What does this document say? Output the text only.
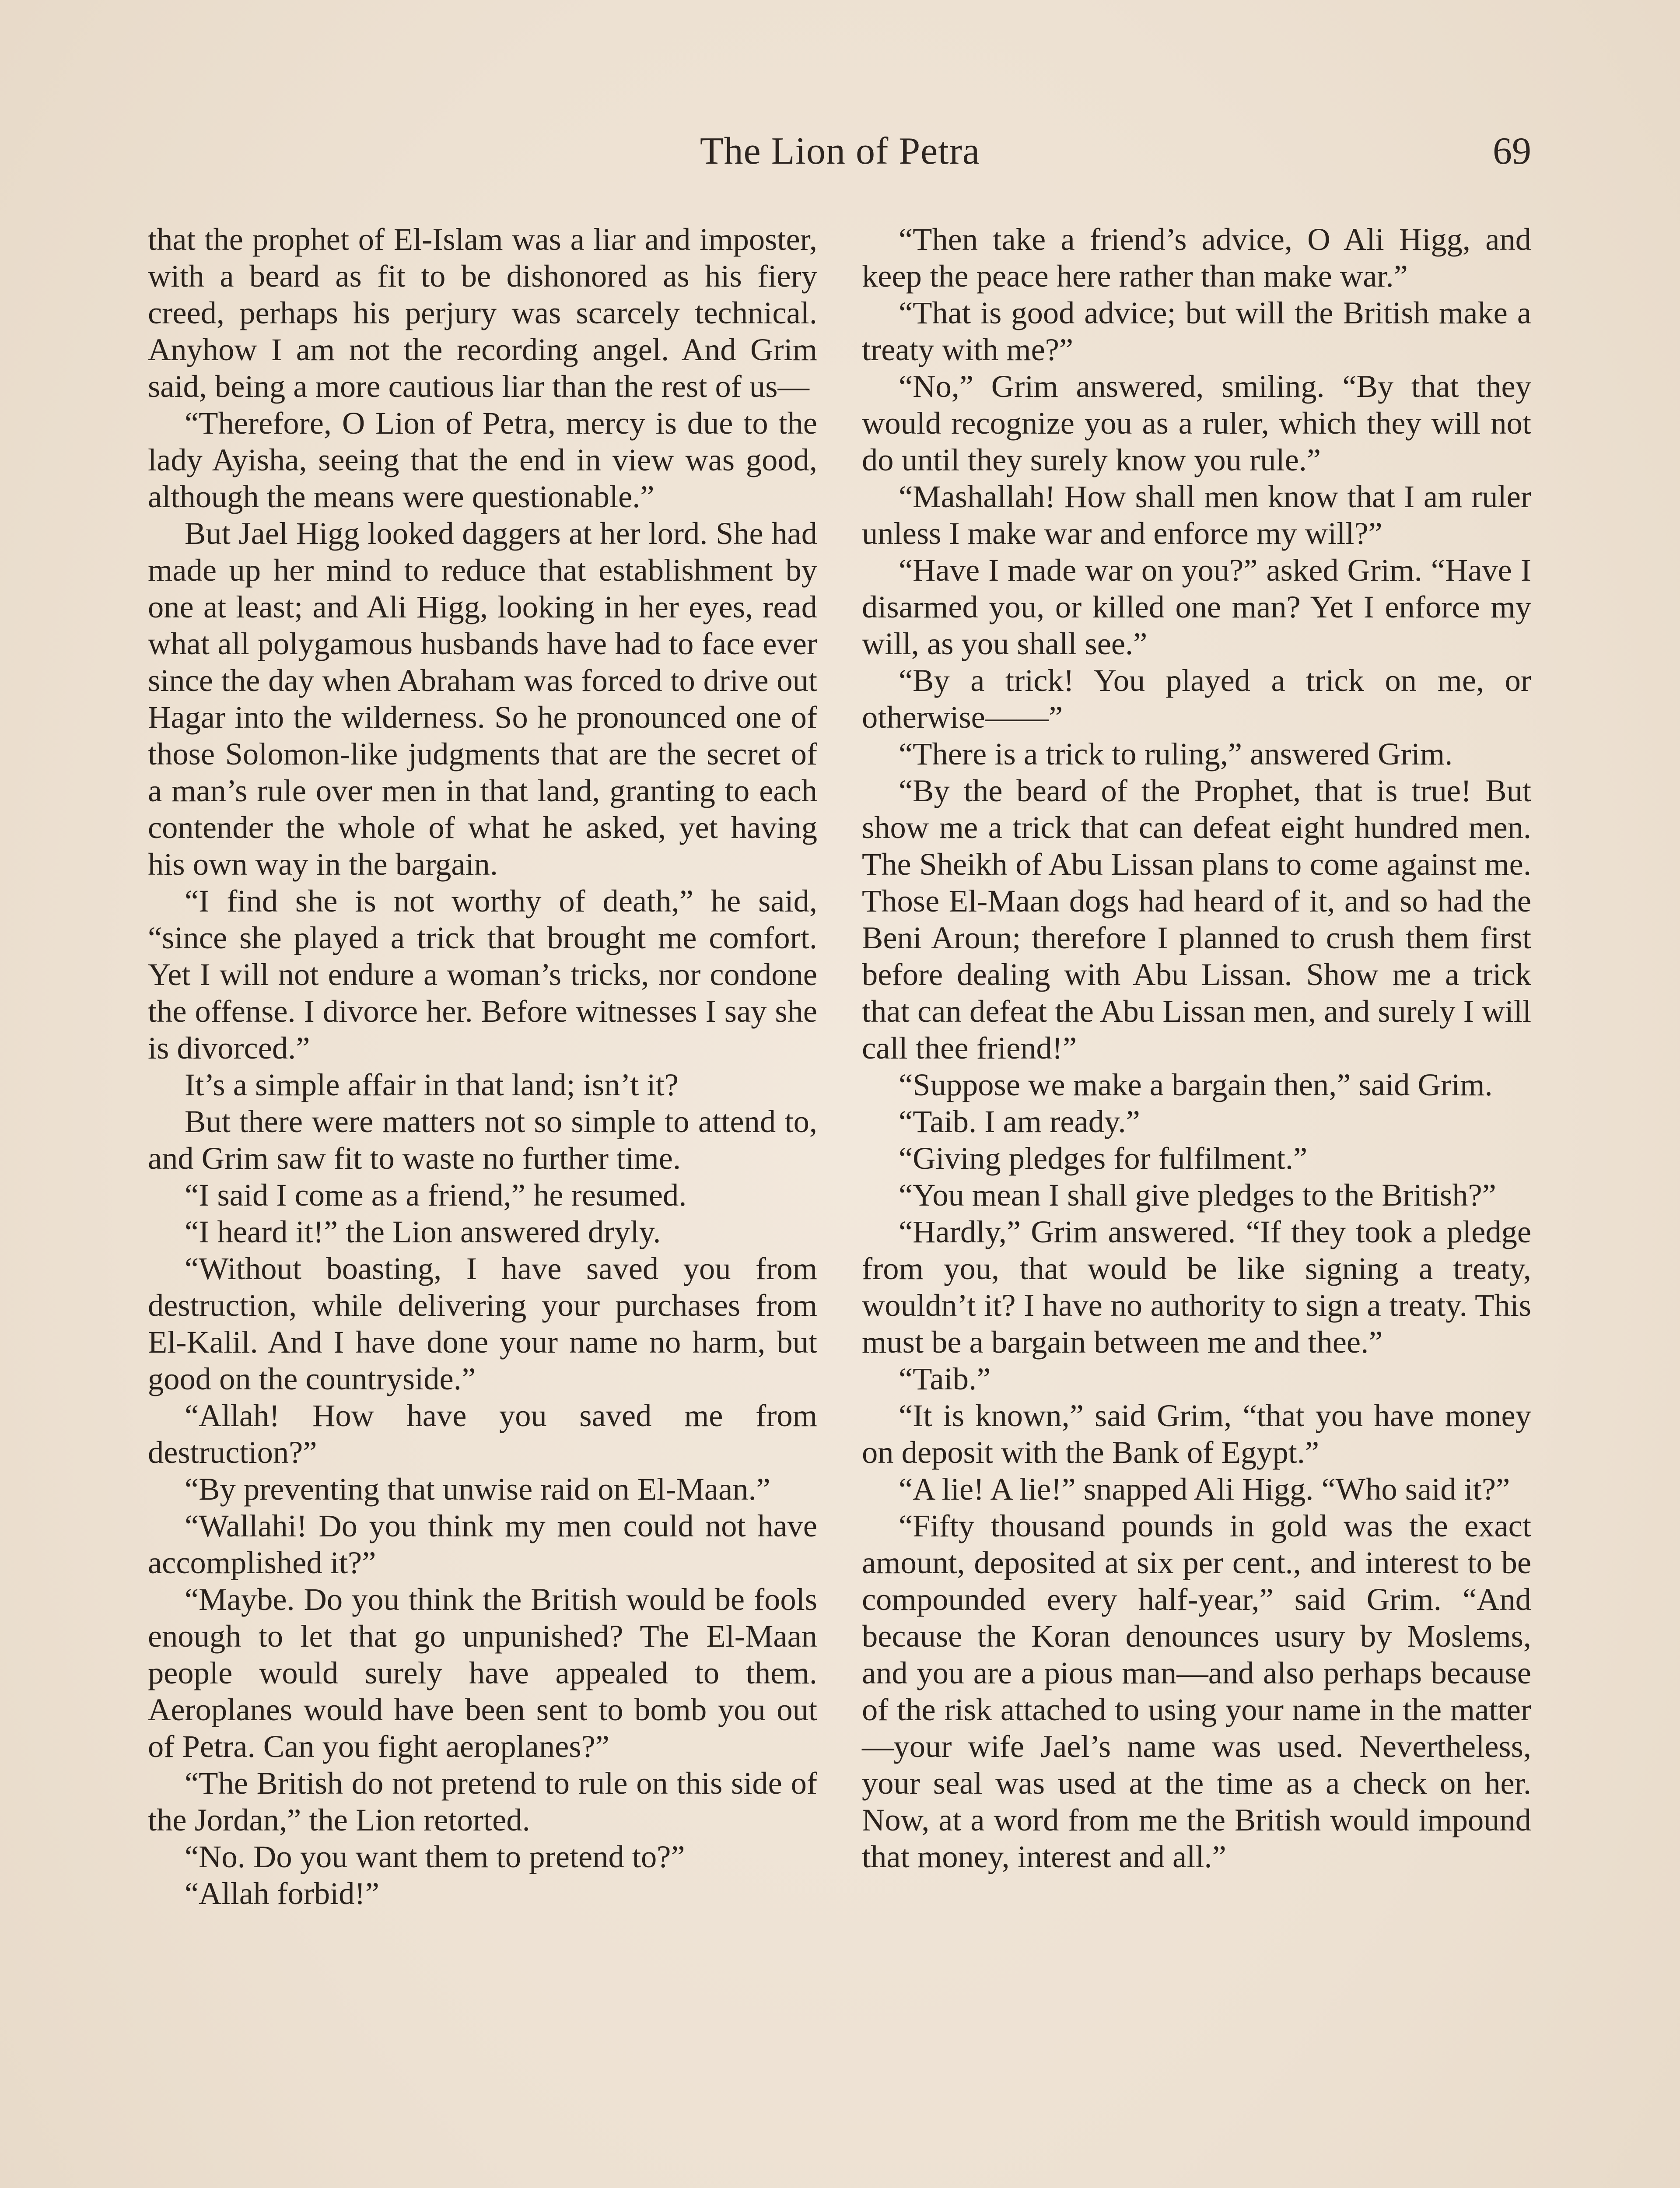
The Lion of Petra	69

that the prophet of El-Islam was a liar and imposter, with a beard as fit to be dishonored as his fiery creed, perhaps his perjury was scarcely technical. Anyhow I am not the recording angel. And Grim said, being a more cautious liar than the rest of us—

“Therefore, O Lion of Petra, mercy is due to the lady Ayisha, seeing that the end in view was good, although the means were questionable.”

But Jael Higg looked daggers at her lord. She had made up her mind to reduce that establishment by one at least; and Ali Higg, looking in her eyes, read what all polygamous husbands have had to face ever since the day when Abraham was forced to drive out Hagar into the wilderness. So he pronounced one of those Solomon-like judgments that are the secret of a man’s rule over men in that land, granting to each contender the whole of what he asked, yet having his own way in the bargain.

“I find she is not worthy of death,” he said, “since she played a trick that brought me comfort. Yet I will not endure a woman’s tricks, nor condone the offense. I divorce her. Before witnesses I say she is divorced.”

It’s a simple affair in that land; isn’t it?

But there were matters not so simple to attend to, and Grim saw fit to waste no further time.

“I said I come as a friend,” he resumed.

“I heard it!” the Lion answered dryly.

“Without boasting, I have saved you from destruction, while delivering your purchases from El-Kalil. And I have done your name no harm, but good on the countryside.”

“Allah! How have you saved me from destruction?”

“By preventing that unwise raid on El-Maan.”

“Wallahi! Do you think my men could not have accomplished it?”

“Maybe. Do you think the British would be fools enough to let that go unpunished? The El-Maan people would surely have appealed to them. Aeroplanes would have been sent to bomb you out of Petra. Can you fight aeroplanes?”

“The British do not pretend to rule on this side of the Jordan,” the Lion retorted.

“No. Do you want them to pretend to?”

“Allah forbid!”

“Then take a friend’s advice, O Ali Higg, and keep the peace here rather than make war.”

“That is good advice; but will the British make a treaty with me?”

“No,” Grim answered, smiling. “By that they would recognize you as a ruler, which they will not do until they surely know you rule.”

“Mashallah! How shall men know that I am ruler unless I make war and enforce my will?”

“Have I made war on you?” asked Grim. “Have I disarmed you, or killed one man? Yet I enforce my will, as you shall see.”

“By a trick! You played a trick on me, or otherwise——”

“There is a trick to ruling,” answered Grim.

“By the beard of the Prophet, that is true! But show me a trick that can defeat eight hundred men. The Sheikh of Abu Lissan plans to come against me. Those El-Maan dogs had heard of it, and so had the Beni Aroun; therefore I planned to crush them first before dealing with Abu Lissan. Show me a trick that can defeat the Abu Lissan men, and surely I will call thee friend!”

“Suppose we make a bargain then,” said Grim.

“Taib. I am ready.”

“Giving pledges for fulfilment.”

“You mean I shall give pledges to the British?”

“Hardly,” Grim answered. “If they took a pledge from you, that would be like signing a treaty, wouldn’t it? I have no authority to sign a treaty. This must be a bargain between me and thee.”

“Taib.”

“It is known,” said Grim, “that you have money on deposit with the Bank of Egypt.”

“A lie! A lie!” snapped Ali Higg. “Who said it?”

“Fifty thousand pounds in gold was the exact amount, deposited at six per cent., and interest to be compounded every half-year,” said Grim. “And because the Koran denounces usury by Moslems, and you are a pious man—and also perhaps because of the risk attached to using your name in the matter—your wife Jael’s name was used. Nevertheless, your seal was used at the time as a check on her. Now, at a word from me the British would impound that money, interest and all.”
